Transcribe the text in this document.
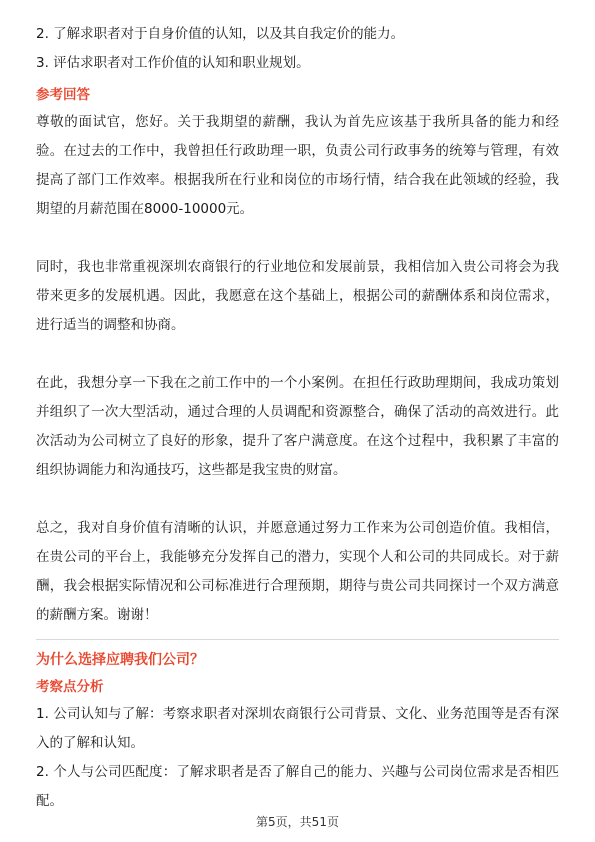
2. 了解求职者对于自身价值的认知，以及其自我定价的能力。

3. 评估求职者对工作价值的认知和职业规划。

参考回答

尊敬的面试官，您好。关于我期望的薪酬，我认为首先应该基于我所具备的能力和经验。在过去的工作中，我曾担任行政助理一职，负责公司行政事务的统筹与管理，有效提高了部门工作效率。根据我所在行业和岗位的市场行情，结合我在此领域的经验，我期望的月薪范围在8000-10000元。

同时，我也非常重视深圳农商银行的行业地位和发展前景，我相信加入贵公司将会为我带来更多的发展机遇。因此，我愿意在这个基础上，根据公司的薪酬体系和岗位需求，进行适当的调整和协商。

在此，我想分享一下我在之前工作中的一个小案例。在担任行政助理期间，我成功策划并组织了一次大型活动，通过合理的人员调配和资源整合，确保了活动的高效进行。此次活动为公司树立了良好的形象，提升了客户满意度。在这个过程中，我积累了丰富的组织协调能力和沟通技巧，这些都是我宝贵的财富。

总之，我对自身价值有清晰的认识，并愿意通过努力工作来为公司创造价值。我相信，在贵公司的平台上，我能够充分发挥自己的潜力，实现个人和公司的共同成长。对于薪酬，我会根据实际情况和公司标准进行合理预期，期待与贵公司共同探讨一个双方满意的薪酬方案。谢谢！

为什么选择应聘我们公司？

考察点分析

1. 公司认知与了解：考察求职者对深圳农商银行公司背景、文化、业务范围等是否有深入的了解和认知。

2. 个人与公司匹配度：了解求职者是否了解自己的能力、兴趣与公司岗位需求是否相匹配。

第5页，共51页
